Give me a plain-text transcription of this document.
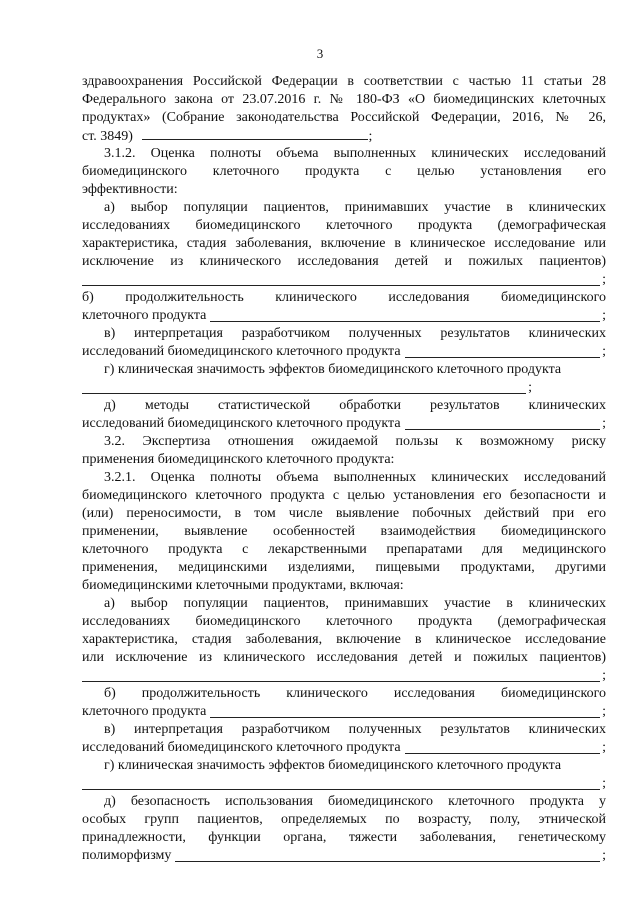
3
здравоохранения Российской Федерации в соответствии с частью 11 статьи 28
Федерального закона от 23.07.2016 г. № 180-ФЗ «О биомедицинских клеточных
продуктах» (Собрание законодательства Российской Федерации, 2016, № 26,
ст. 3849)	;
3.1.2. Оценка полноты объема выполненных клинических исследований
биомедицинского клеточного продукта с целью установления его
эффективности:
а) выбор популяции пациентов, принимавших участие в клинических
исследованиях биомедицинского клеточного продукта (демографическая
характеристика, стадия заболевания, включение в клиническое исследование или
исключение из клинического исследования детей и пожилых пациентов)
;
б) продолжительность клинического исследования биомедицинского
клеточного продукта	;
в) интерпретация разработчиком полученных результатов клинических
исследований биомедицинского клеточного продукта	;
г) клиническая значимость эффектов биомедицинского клеточного продукта
;
д) методы статистической обработки результатов клинических
исследований биомедицинского клеточного продукта	;
3.2. Экспертиза отношения ожидаемой пользы к возможному риску
применения биомедицинского клеточного продукта:
3.2.1. Оценка полноты объема выполненных клинических исследований
биомедицинского клеточного продукта с целью установления его безопасности и
(или) переносимости, в том числе выявление побочных действий при его
применении, выявление особенностей взаимодействия биомедицинского
клеточного продукта с лекарственными препаратами для медицинского
применения, медицинскими изделиями, пищевыми продуктами, другими
биомедицинскими клеточными продуктами, включая:
а) выбор популяции пациентов, принимавших участие в клинических
исследованиях биомедицинского клеточного продукта (демографическая
характеристика, стадия заболевания, включение в клиническое исследование
или исключение из клинического исследования детей и пожилых пациентов)
;
б) продолжительность клинического исследования биомедицинского
клеточного продукта	;
в) интерпретация разработчиком полученных результатов клинических
исследований биомедицинского клеточного продукта	;
г) клиническая значимость эффектов биомедицинского клеточного продукта
;
д) безопасность использования биомедицинского клеточного продукта у
особых групп пациентов, определяемых по возрасту, полу, этнической
принадлежности, функции органа, тяжести заболевания, генетическому
полиморфизму	;
